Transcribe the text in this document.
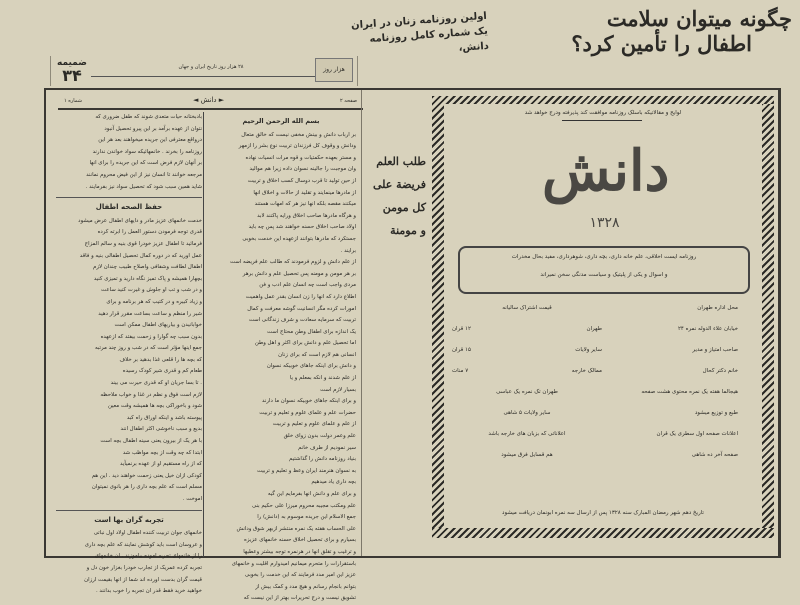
چگونه میتوان سلامت
اطفال را تأمین کرد؟
اولین روزنامه زنان در ایران
یک شماره کامل روزنامه دانش،
ضمیمه
۳۴	۲۸ هزار روز تاریخ ایران و جهان	هزار روز
صفحه ۲
◄ دانش ►
شماره ۱
بسم الله الرحمن الرحیم
بر ارباب دانش و بینش مخفی نیست که خالق متعال
ودانش و وقوف کل فرزندان تربیت نوع بشر را ازمهر
و مستر بعهده حکمتیات و قوه مرات انسیات نهاده
وان موجبت را جالینه نسوان داده زیرا هم مواليد
از حین تولید تا قرب دوسال کسب اخلاق و تربیت
از مادرها مینمایند و تقلید از حالات و اخلاق انها
میکنند مقصه بلکه انها نیز هر که امهات هستند
و هرگاه مادرها صاحب اخلاق ورایه پاکنند لابد
اولاد صاحب اخلاق حسنه خواهند شد پس چه باید
جستکرد که مادرها بتوانند ازعهده این خدمت بخوبی
برایند .
از علم دانش و لزوم فرمودند که طالب علم فریضه است
بر هر مومن و مومنه پس تحصیل علم و دانش برهر
مردی واجب است چه انسان علم ادب و فن
اطلاع دارد که انها را زن انسان بقدر عمل واهمیت
امورات کرده مگر انسانیت گوشه معرفت و کمال
تربیت که سرمایه سعادت و شرف زندگانی است
یک اندازه برای اطفال وطن محتاج است
اما تحصیل علم و دانش برای اکثر و اهل وطن
انسانی هم لازم است که برای زنان
و دانش برای اینکه جاهای خوبیکه نسوان
از علم شدند و انکه بمعلم و یا
بسیار لازم است
و برای اینکه جاهای خوبیکه نسوان ما دارند
حضرات علم و علمای علوم و تعلیم و تربیت
از علم و علمای علوم و تعلیم و تربیت
علم وعمر دولت بدون زوای خلق
سیر نمودیم از طرف خانم
بنیاد روزنامه دانش را گذاشتیم
به نسوان هنرمند ایران وعظ و تعلیم و تربیت
بچه داری یاد میدهیم
و برای علم و دانش انها بفرمایم این گیه
علم ومکتب مجیبه محروم میرزا علی حکیم بنی
جمع الاسلام این جریده موسوم به (دانش) را
علی الحساب هفته یک نمره منتشر ازبهر شوق ودانش
بسیارم و برای تحصیل اخلاق حسنه خانمهای عزیزه
و ترغیب و تقلق انها در هرنمره توجه بیشتر وعطیها
باستقرارات را متحرم میمانیم امیدوارم اقلیت و خانمهای
عزیز این امیر مدد فرمایند که این خدمت را بخوبی
بتوانم بانجام رسانم و هیچ مدد و کمک بیش از
تشویق نیست و درج تحریرات بهتر از این نیست که
بادبختانه حیات متعدی شوند که طفل ضروری که
نتوان از عهده برآمد بر این پیرو تحصیل آنبود
درواقع معترفی این جریده میخواهند بعد هر این
روزنامه را بخرند . خانمهائیکه سواد خواندن ندارند
بر آنهان لازم فرض است که این جریده را برای انها
مرجعه خوانند تا انسان نیز از این فیض محروم نمانند
شاید همین سبب شود که تحصیل سواد نیز بفرمایند .
حفظ الصحه اطفال
خدمت خانمهای عزیز مادر و دایهای اطفال عرض میشود
قدری توجه فرمودن دستور العمل را ابرته کرده
فرمائید تا اطفال عزیز خودرا قوی بنیه و سالم المزاج
عمل اورید که در دوره کمال تحصیل اطفالی بنیه و فاقد
اطفال لطافت وشفافی واصلاح طبیب چندان لازم
بچهارا همیشه و پاک تمیز نگاه دارید و تمیزی کنید
و در شب و تب او جلوش و غیرت کنید ساعت
و زیاد کبیره و در کتیب که هر برنامه و برای
شیر را منظم و ساعت بساعت مقرر قرار دهید
خوابانیدن و بیاریهای اطفال ممکن است
بدون سبب چه گوارا و زحمت بیفتد که ازعهده
جمع اینها مؤثر است که در شب و روز چند مرتبه
که بچه ها را قلعی غذا بدهید بر خلاف
طعام کم و قدری شیر کودک رسیده
. تا بسا جریان او که قدری حیرت می بیند
لازم است فوق و نظم در غذا و خواب ملاحظه
شود و باخوراکی بچه ها همیشه وقت معین
پیوسته باشد و اینکه اوراق راه کبد
بدیع و سبب ناخوشی اکثر اطفال انند
با هر یک از بیرون یعنی سینه اطفال بچه است
ابتدا که چه وقت از بچه مواظب شد
که از راه مستقیم او از عهده برنمیآید
کودکی ازان خیل یعنی زحمت خواهند دید . این هم
مسلم است که علم بچه داری را هر بانوی نمیتوان
اموخت .
تجربه گران بها است
خانمهای جوان تربیت کننده اطفال اولاد اول نباتی
و عروسان است باید کوشش نمایند که علم بچه داری
را از خانمهای تجربه اموده بیاموزند . ان خانمهای
تجربه کرده عمریک از تجارب خودرا بغزار خون دل و
قیمت گران بدست اورده اند شما از انها بقیمت ارزان
خواهید خرید فقط قدر ان تجربه را خوب بدانند .
طلب العلم
فریضة علی
کل مومن
و مومنة
لوایح و مقالاتیکه باسلک روزنامه موافقت کند پذیرفته ودرج خواهد شد
دانش
۱۳۲۸
روزنامه ایست اخلاقی، علم خانه داری، بچه داری، شوهرداری، مفید بحال مخدرات
و اسوال و یکی از پلیتیک و سیاست مدنگی سخن نمیراند
محل اداره طهران
خیابان علاء الدوله نمره ۲۴
صاحب امتیاز و مدیر
خانم دکتر کحال
هیجالما هفته یک نمره محتوی هشت صفحه
طبع و توزیع میشود
اعلانات صفحه اول سطری یک قران
صفحه آخر ده شاهی
قیمت اشتراک سالیانه
طهران
۱۲ قران
سایر ولایات
۱۵ قران
ممالک خارجه
۷ منات
طهران تک نمره یک عباسی
سایر ولایات ۵ شاهی
اعلاناتی که بزبان های خارجه باشد
هم قسایل فرق میشود
تاریخ دهم شهر رمضان المبارک سنه ۱۳۲۸ پس از ارسال سه نمره ابونمان دریافت میشود
